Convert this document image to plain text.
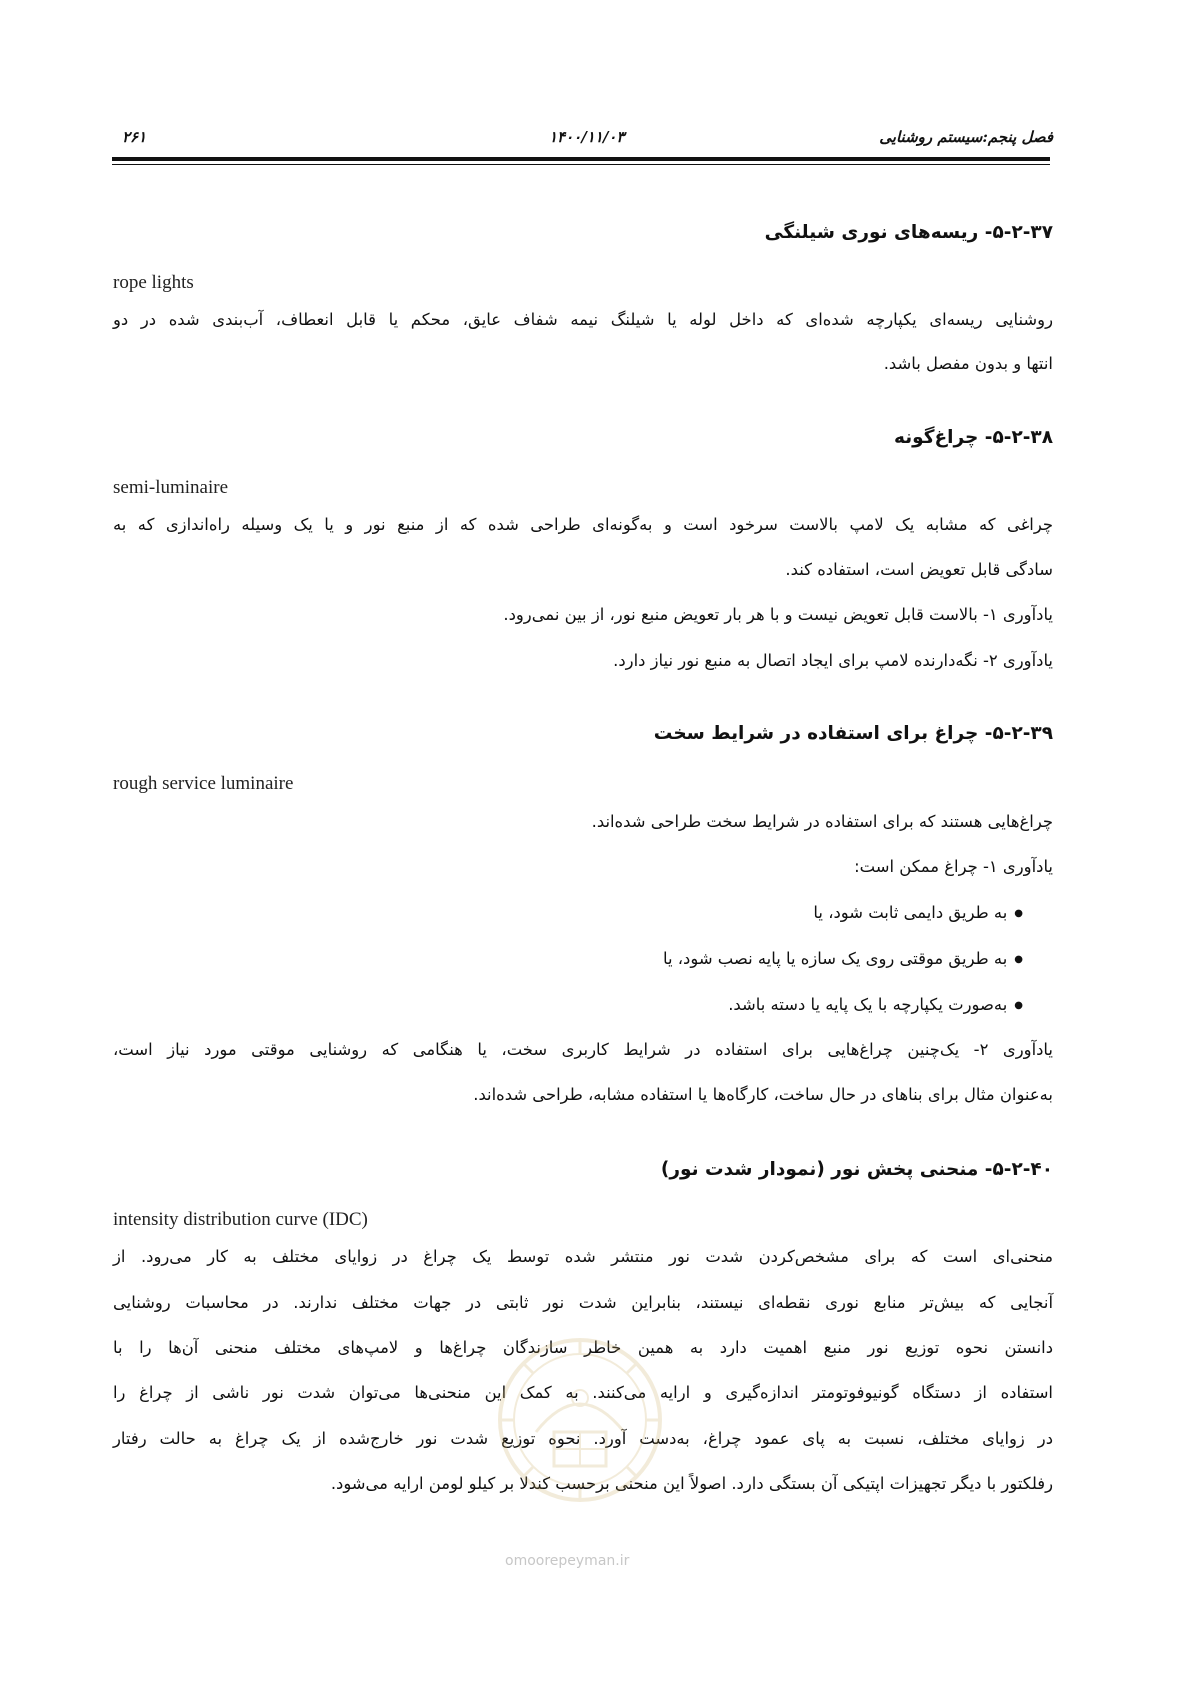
فصل پنجم:سیستم روشنایی
۱۴۰۰/۱۱/۰۳
۲۶۱
۵-۲-۳۷- ریسه‌های نوری شیلنگی
rope lights
روشنایی ریسه‌ای یکپارچه شده‌ای که داخل لوله یا شیلنگ نیمه شفاف عایق، محکم یا قابل انعطاف، آب‌بندی شده در دو
انتها و بدون مفصل باشد.
۵-۲-۳۸- چراغ‌گونه
semi-luminaire
چراغی که مشابه یک لامپ بالاست سرخود است و به‌گونه‌ای طراحی شده که از منبع نور و یا یک وسیله راه‌اندازی که به
سادگی قابل تعویض است، استفاده کند.
یادآوری ۱- بالاست قابل تعویض نیست و با هر بار تعویض منبع نور، از بین نمی‌رود.
یادآوری ۲- نگه‌دارنده لامپ برای ایجاد اتصال به منبع نور نیاز دارد.
۵-۲-۳۹- چراغ برای استفاده در شرایط سخت
rough service luminaire
چراغ‌هایی هستند که برای استفاده در شرایط سخت طراحی شده‌اند.
یادآوری ۱- چراغ ممکن است:
● به طریق دایمی ثابت شود، یا
● به طریق موقتی روی یک سازه یا پایه نصب شود، یا
● به‌صورت یکپارچه با یک پایه یا دسته باشد.
یادآوری ۲- یک‌چنین چراغ‌هایی برای استفاده در شرایط کاربری سخت، یا هنگامی که روشنایی موقتی مورد نیاز است،
به‌عنوان مثال برای بناهای در حال ساخت، کارگاه‌ها یا استفاده مشابه، طراحی شده‌اند.
۵-۲-۴۰- منحنی پخش نور (نمودار شدت نور)
intensity distribution curve (IDC)
منحنی‌ای است که برای مشخص‌کردن شدت نور منتشر شده توسط یک چراغ در زوایای مختلف به کار می‌رود. از
آنجایی که بیش‌تر منابع نوری نقطه‌ای نیستند، بنابراین شدت نور ثابتی در جهات مختلف ندارند. در محاسبات روشنایی
دانستن نحوه توزیع نور منبع اهمیت دارد به همین خاطر سازندگان چراغ‌ها و لامپ‌های مختلف منحنی آن‌ها را با
استفاده از دستگاه گونیوفوتومتر اندازه‌گیری و ارایه می‌کنند. به کمک این منحنی‌ها می‌توان شدت نور ناشی از چراغ را
در زوایای مختلف، نسبت به پای عمود چراغ، به‌دست آورد. نحوه توزیع شدت نور خارج‌شده از یک چراغ به حالت رفتار
رفلکتور با دیگر تجهیزات اپتیکی آن بستگی دارد. اصولاً این منحنی برحسب کندلا بر کیلو لومن ارایه می‌شود.
omoorepeyman.ir
